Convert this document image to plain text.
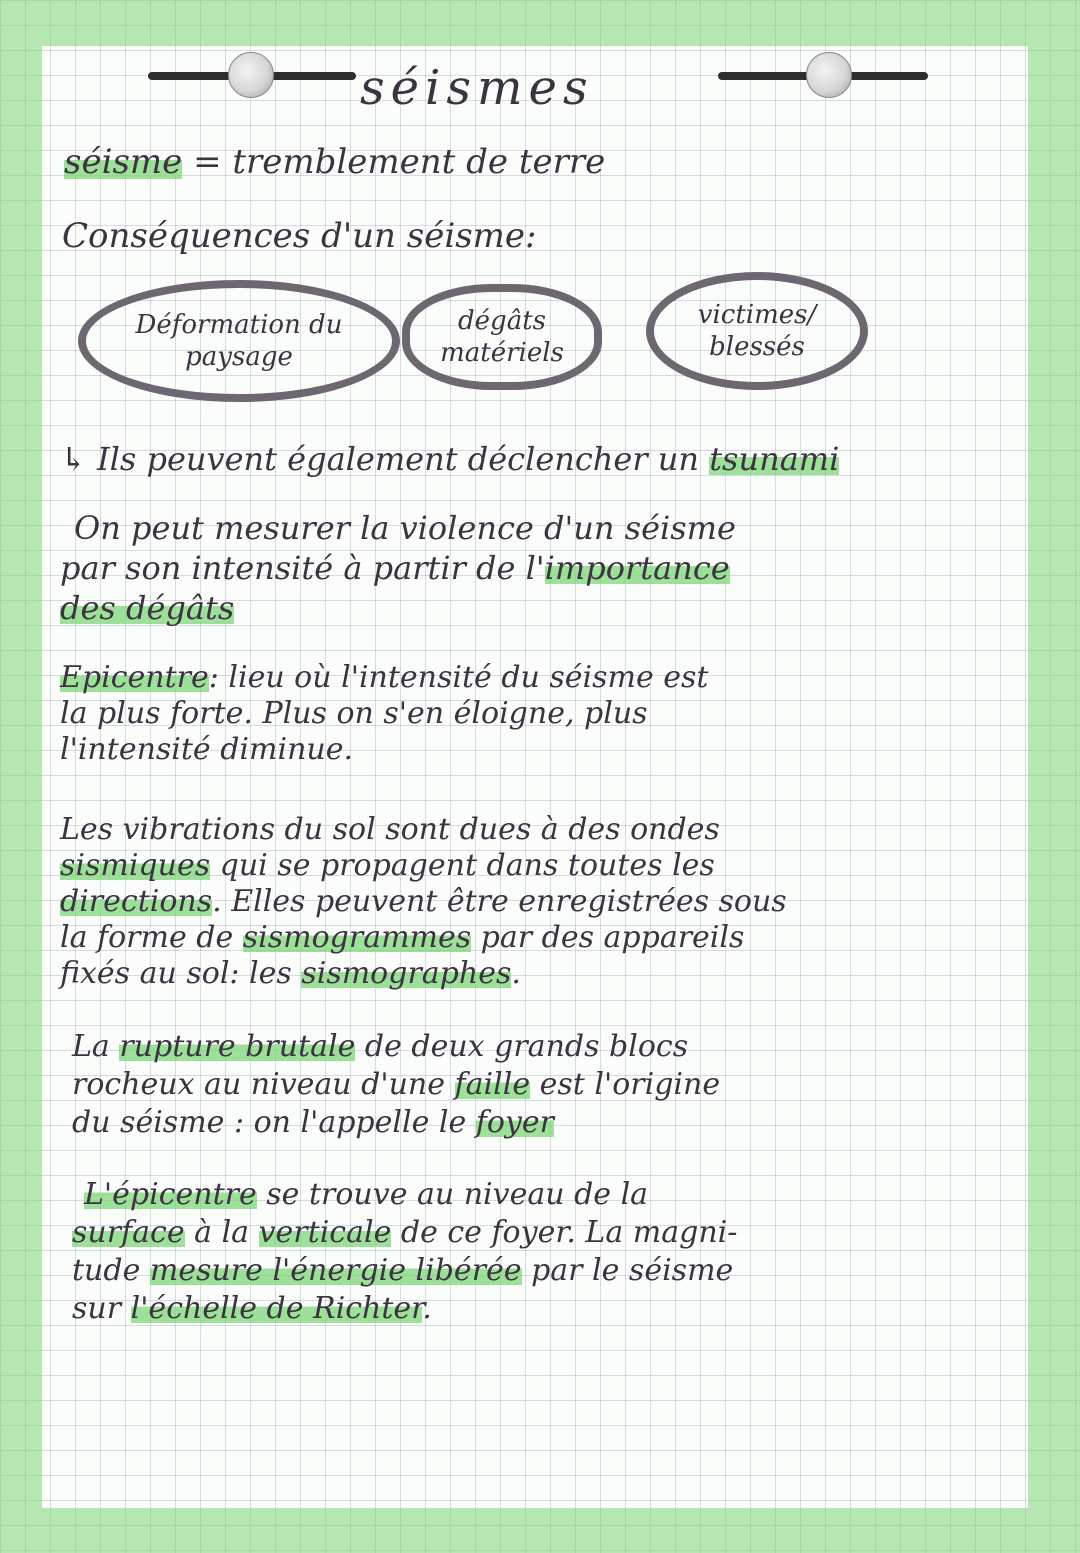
séismes
séisme = tremblement de terre
Conséquences d'un séisme:
Déformation du
paysage
dégâts
matériels
victimes/
blessés
↳ Ils peuvent également déclencher un tsunami
On peut mesurer la violence d'un séisme
par son intensité à partir de l'importance
des dégâts
Epicentre: lieu où l'intensité du séisme est
la plus forte. Plus on s'en éloigne, plus
l'intensité diminue.
Les vibrations du sol sont dues à des ondes
sismiques qui se propagent dans toutes les
directions. Elles peuvent être enregistrées sous
la forme de sismogrammes par des appareils
fixés au sol: les sismographes.
La rupture brutale de deux grands blocs
rocheux au niveau d'une faille est l'origine
du séisme : on l'appelle le foyer
L'épicentre se trouve au niveau de la
surface à la verticale de ce foyer. La magni-
tude mesure l'énergie libérée par le séisme
sur l'échelle de Richter.
